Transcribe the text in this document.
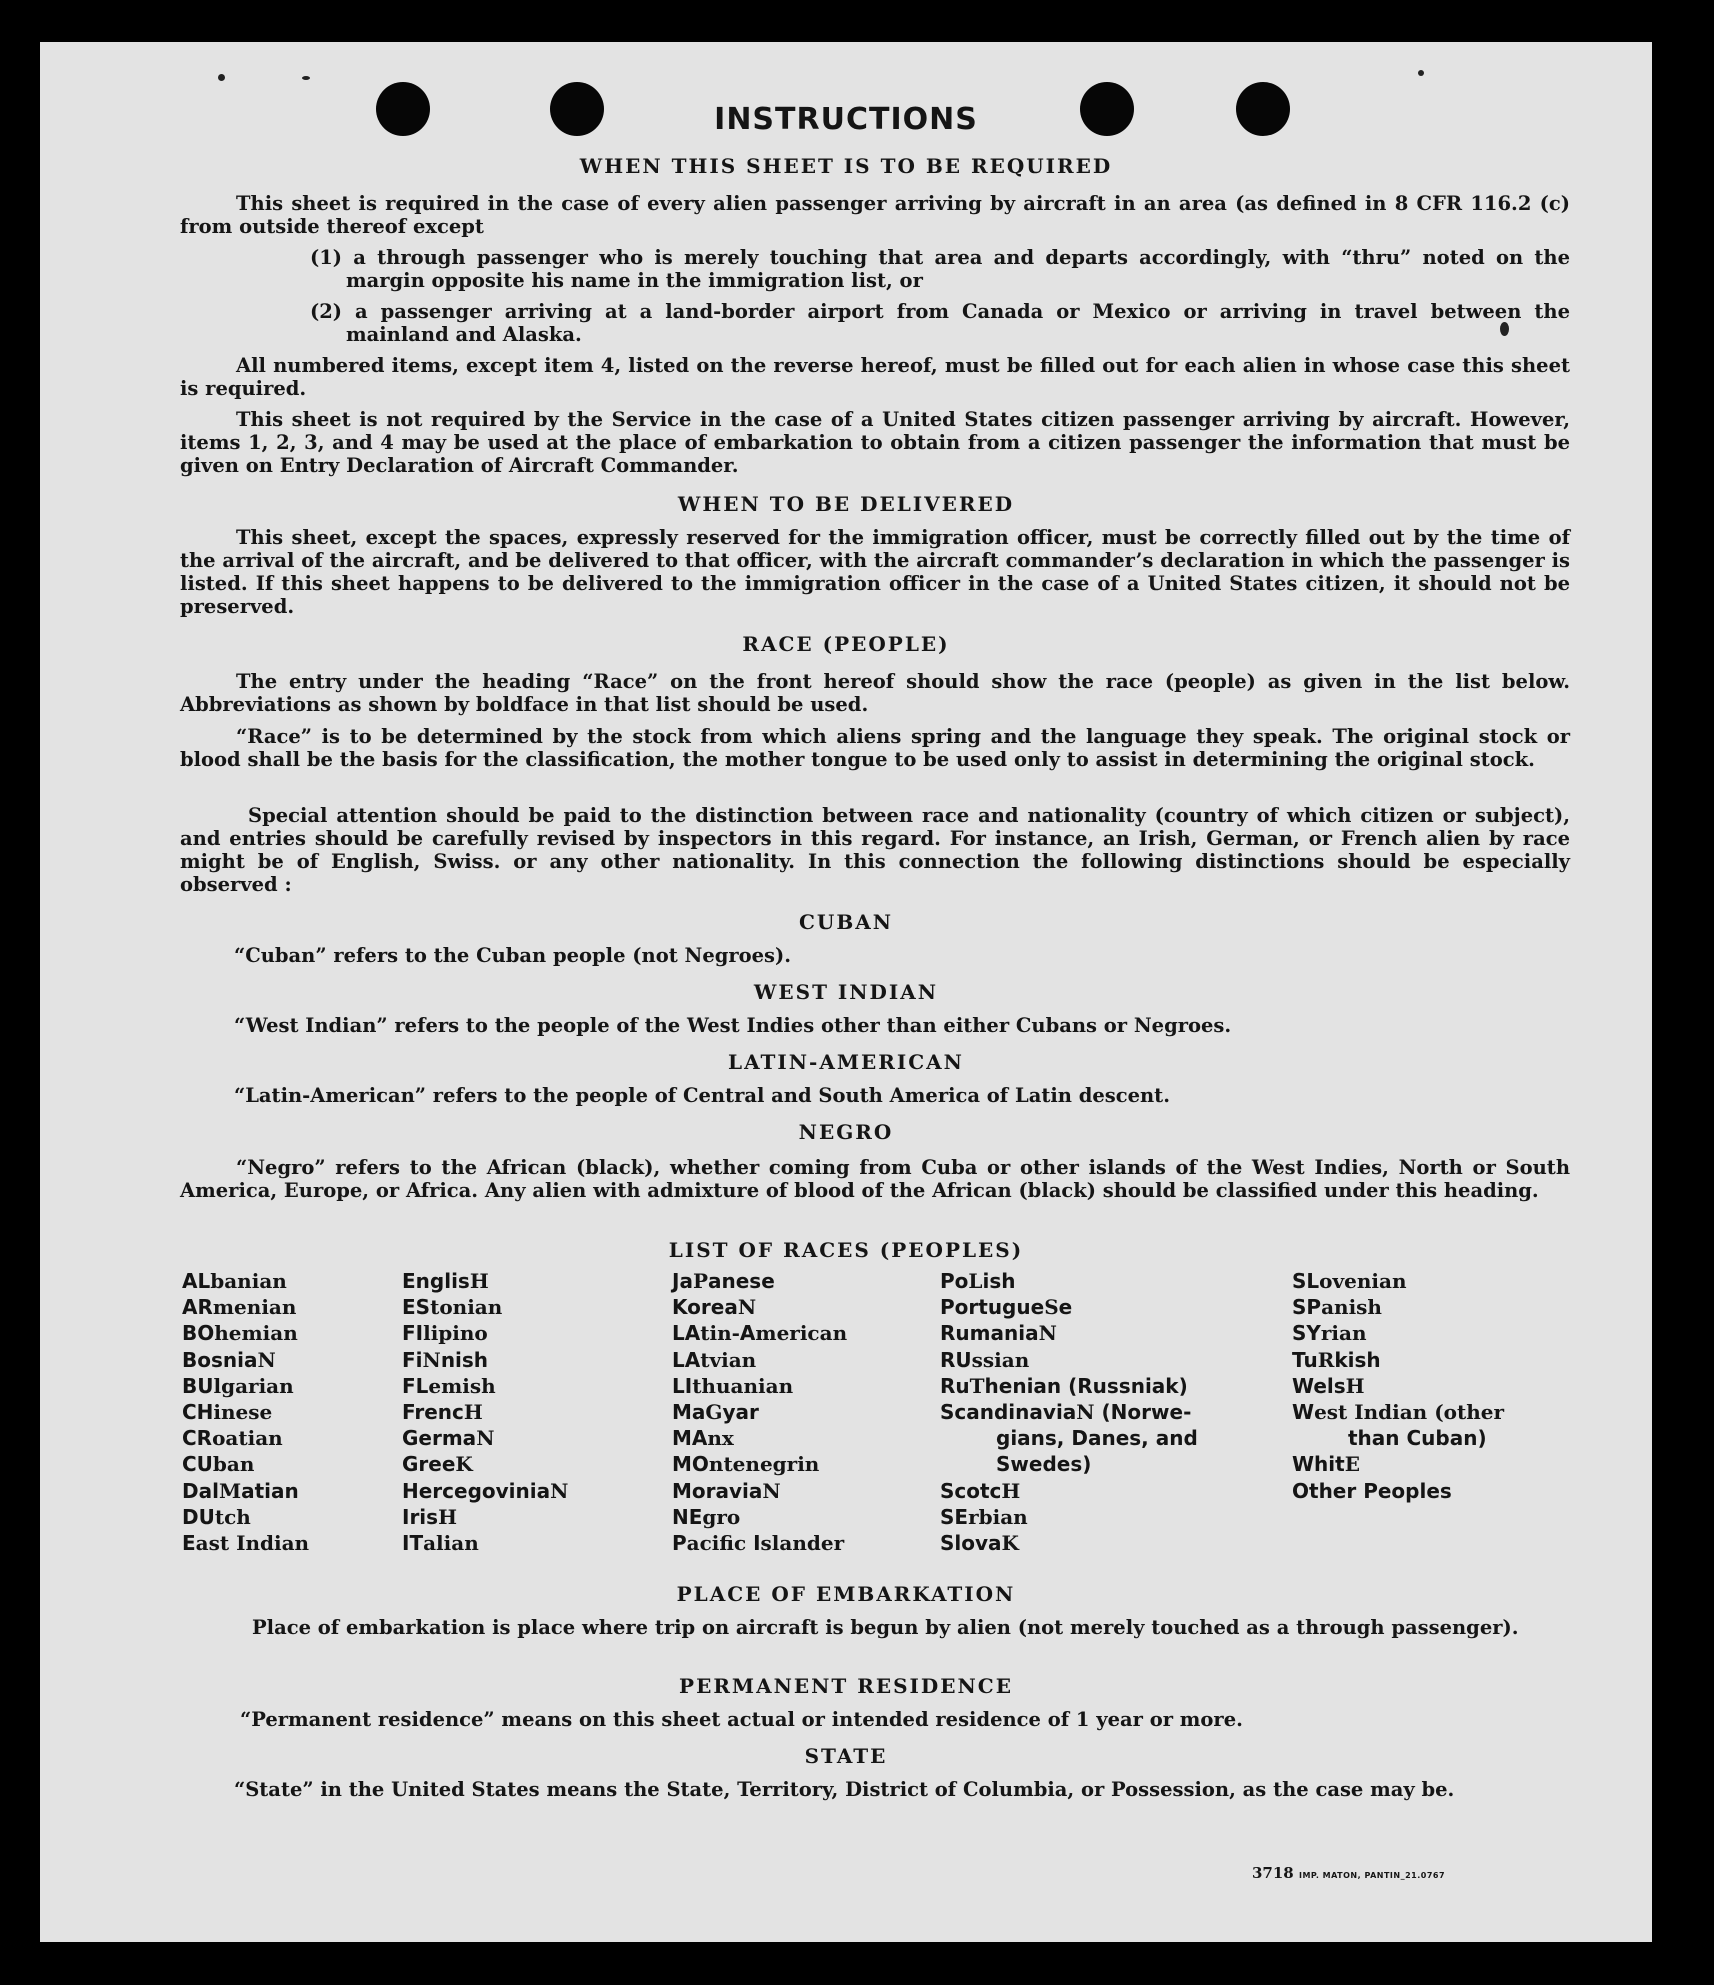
INSTRUCTIONS
WHEN THIS SHEET IS TO BE REQUIRED
This sheet is required in the case of every alien passenger arriving by aircraft in an area (as defined in 8 CFR 116.2 (c) from outside thereof except
(1) a through passenger who is merely touching that area and departs accordingly, with “thru” noted on the margin opposite his name in the immigration list, or
(2) a passenger arriving at a land-border airport from Canada or Mexico or arriving in travel between the mainland and Alaska.
All numbered items, except item 4, listed on the reverse hereof, must be filled out for each alien in whose case this sheet is required.
This sheet is not required by the Service in the case of a United States citizen passenger arriving by aircraft. However, items 1, 2, 3, and 4 may be used at the place of embarkation to obtain from a citizen passenger the information that must be given on Entry Declaration of Aircraft Commander.
WHEN TO BE DELIVERED
This sheet, except the spaces, expressly reserved for the immigration officer, must be correctly filled out by the time of the arrival of the aircraft, and be delivered to that officer, with the aircraft commander’s declaration in which the passenger is listed. If this sheet happens to be delivered to the immigration officer in the case of a United States citizen, it should not be preserved.
RACE (PEOPLE)
The entry under the heading “Race” on the front hereof should show the race (people) as given in the list below. Abbreviations as shown by boldface in that list should be used.
“Race” is to be determined by the stock from which aliens spring and the language they speak. The original stock or blood shall be the basis for the classification, the mother tongue to be used only to assist in determining the original stock.
Special attention should be paid to the distinction between race and nationality (country of which citizen or subject), and entries should be carefully revised by inspectors in this regard. For instance, an Irish, German, or French alien by race might be of English, Swiss. or any other nationality. In this connection the following distinctions should be especially observed :
CUBAN
“Cuban” refers to the Cuban people (not Negroes).
WEST INDIAN
“West Indian” refers to the people of the West Indies other than either Cubans or Negroes.
LATIN-AMERICAN
“Latin-American” refers to the people of Central and South America of Latin descent.
NEGRO
“Negro” refers to the African (black), whether coming from Cuba or other islands of the West Indies, North or South America, Europe, or Africa. Any alien with admixture of blood of the African (black) should be classified under this heading.
LIST OF RACES (PEOPLES)
ALbanian
ARmenian
BOhemian
BosniaN
BUlgarian
CHinese
CRoatian
CUban
DalMatian
DUtch
East Indian
EnglisH
EStonian
FIlipino
FiNnish
FLemish
FrencH
GermaN
GreeK
HercegoviniaN
IrisH
ITalian
JaPanese
KoreaN
LAtin-American
LAtvian
LIthuanian
MaGyar
MAnx
MOntenegrin
MoraviaN
NEgro
Pacific Islander
PoLish
PortugueSe
RumaniaN
RUssian
RuThenian (Russniak)
ScandinaviaN (Norwe-
gians, Danes, and
Swedes)
ScotcH
SErbian
SlovaK
SLovenian
SPanish
SYrian
TuRkish
WelsH
West Indian (other
than Cuban)
WhitE
Other Peoples
PLACE OF EMBARKATION
Place of embarkation is place where trip on aircraft is begun by alien (not merely touched as a through passenger).
PERMANENT RESIDENCE
“Permanent residence” means on this sheet actual or intended residence of 1 year or more.
STATE
“State” in the United States means the State, Territory, District of Columbia, or Possession, as the case may be.
3718 IMP. MATON, PANTIN_21.0767
